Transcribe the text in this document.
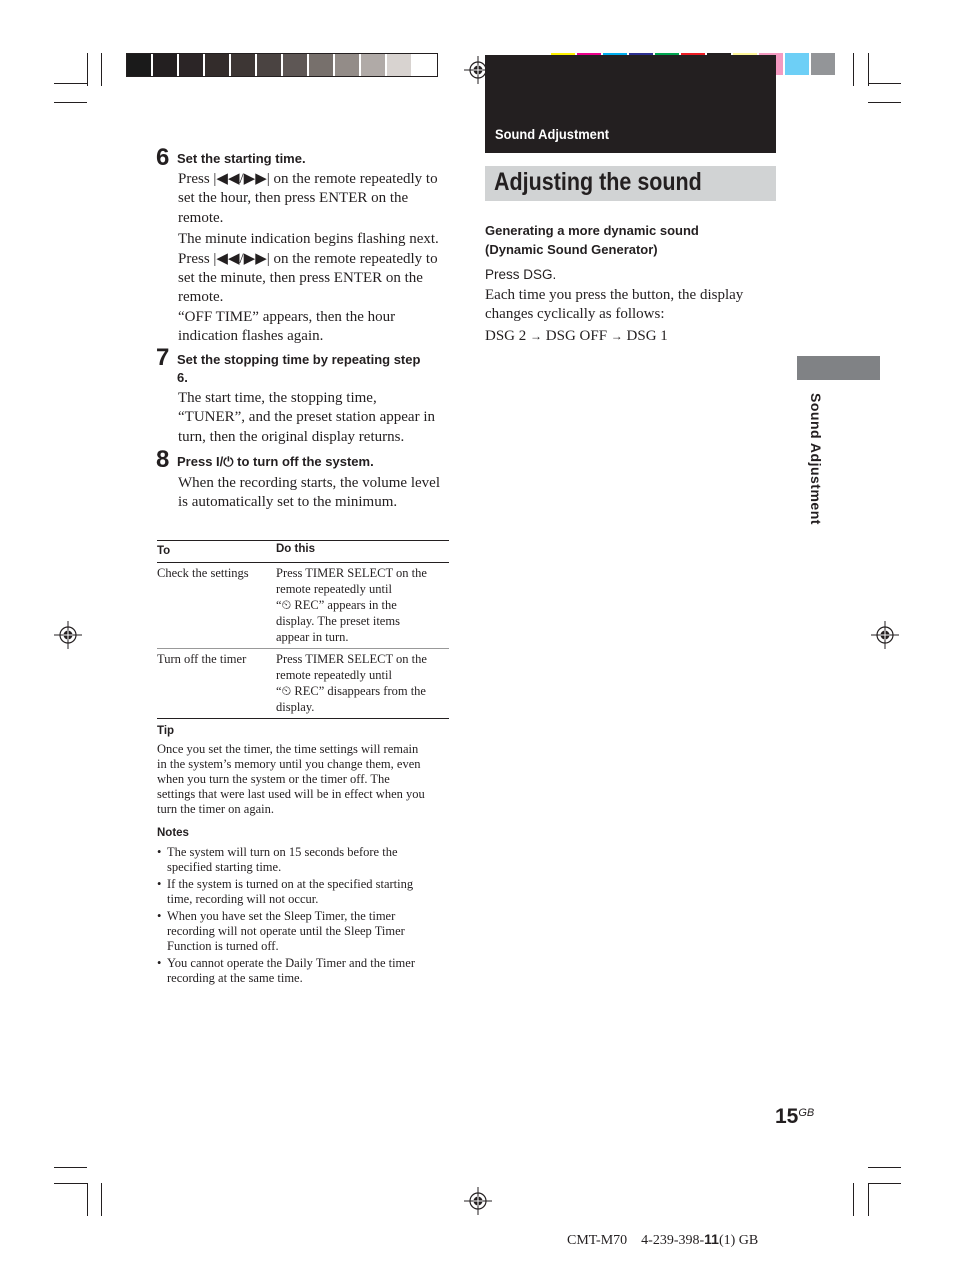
Sound Adjustment
Adjusting the sound
6 Set the starting time.
Press |◀◀/▶▶| on the remote repeatedly to
set the hour, then press ENTER on the
remote.
The minute indication begins flashing next.
Press |◀◀/▶▶| on the remote repeatedly to
set the minute, then press ENTER on the
remote.
“OFF TIME” appears, then the hour
indication flashes again.
7 Set the stopping time by repeating step
6.
The start time, the stopping time,
“TUNER”, and the preset station appear in
turn, then the original display returns.
8 Press I/⏻ to turn off the system.
When the recording starts, the volume level
is automatically set to the minimum.
To	Do this
Check the settings Press TIMER SELECT on the
remote repeatedly until
“⏲ REC” appears in the
display. The preset items
appear in turn.
Turn off the timer Press TIMER SELECT on the
remote repeatedly until
“⏲ REC” disappears from the
display.
Tip
Once you set the timer, the time settings will remain
in the system’s memory until you change them, even
when you turn the system or the timer off. The
settings that were last used will be in effect when you
turn the timer on again.
Notes
• The system will turn on 15 seconds before the
specified starting time.
• If the system is turned on at the specified starting
time, recording will not occur.
• When you have set the Sleep Timer, the timer
recording will not operate until the Sleep Timer
Function is turned off.
• You cannot operate the Daily Timer and the timer
recording at the same time.
Generating a more dynamic sound
(Dynamic Sound Generator)
Press DSG.
Each time you press the button, the display
changes cyclically as follows:
DSG 2 → DSG OFF → DSG 1
Sound Adjustment
$15^{GB}$
CMT-M70 4-239-398-11(1) GB
